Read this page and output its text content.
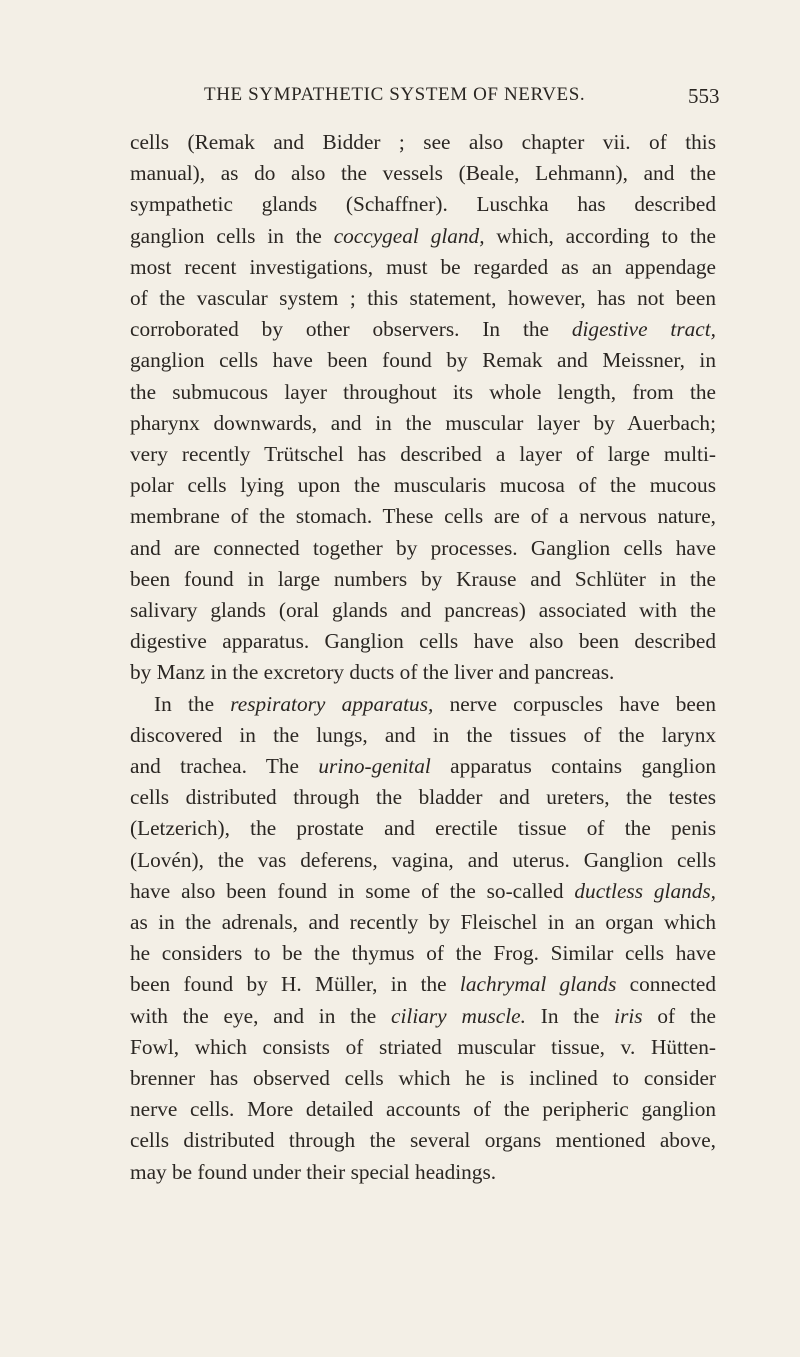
THE SYMPATHETIC SYSTEM OF NERVES.	553
cells (Remak and Bidder ; see also chapter vii. of this
manual), as do also the vessels (Beale, Lehmann), and the
sympathetic glands (Schaffner). Luschka has described
ganglion cells in the coccygeal gland, which, according to the
most recent investigations, must be regarded as an appendage
of the vascular system ; this statement, however, has not been
corroborated by other observers. In the digestive tract,
ganglion cells have been found by Remak and Meissner, in
the submucous layer throughout its whole length, from the
pharynx downwards, and in the muscular layer by Auerbach;
very recently Trütschel has described a layer of large multi-
polar cells lying upon the muscularis mucosa of the mucous
membrane of the stomach. These cells are of a nervous nature,
and are connected together by processes. Ganglion cells have
been found in large numbers by Krause and Schlüter in the
salivary glands (oral glands and pancreas) associated with the
digestive apparatus. Ganglion cells have also been described
by Manz in the excretory ducts of the liver and pancreas.
In the respiratory apparatus, nerve corpuscles have been
discovered in the lungs, and in the tissues of the larynx
and trachea. The urino-genital apparatus contains ganglion
cells distributed through the bladder and ureters, the testes
(Letzerich), the prostate and erectile tissue of the penis
(Lovén), the vas deferens, vagina, and uterus. Ganglion cells
have also been found in some of the so-called ductless glands,
as in the adrenals, and recently by Fleischel in an organ which
he considers to be the thymus of the Frog. Similar cells have
been found by H. Müller, in the lachrymal glands connected
with the eye, and in the ciliary muscle. In the iris of the
Fowl, which consists of striated muscular tissue, v. Hütten-
brenner has observed cells which he is inclined to consider
nerve cells. More detailed accounts of the peripheric ganglion
cells distributed through the several organs mentioned above,
may be found under their special headings.
